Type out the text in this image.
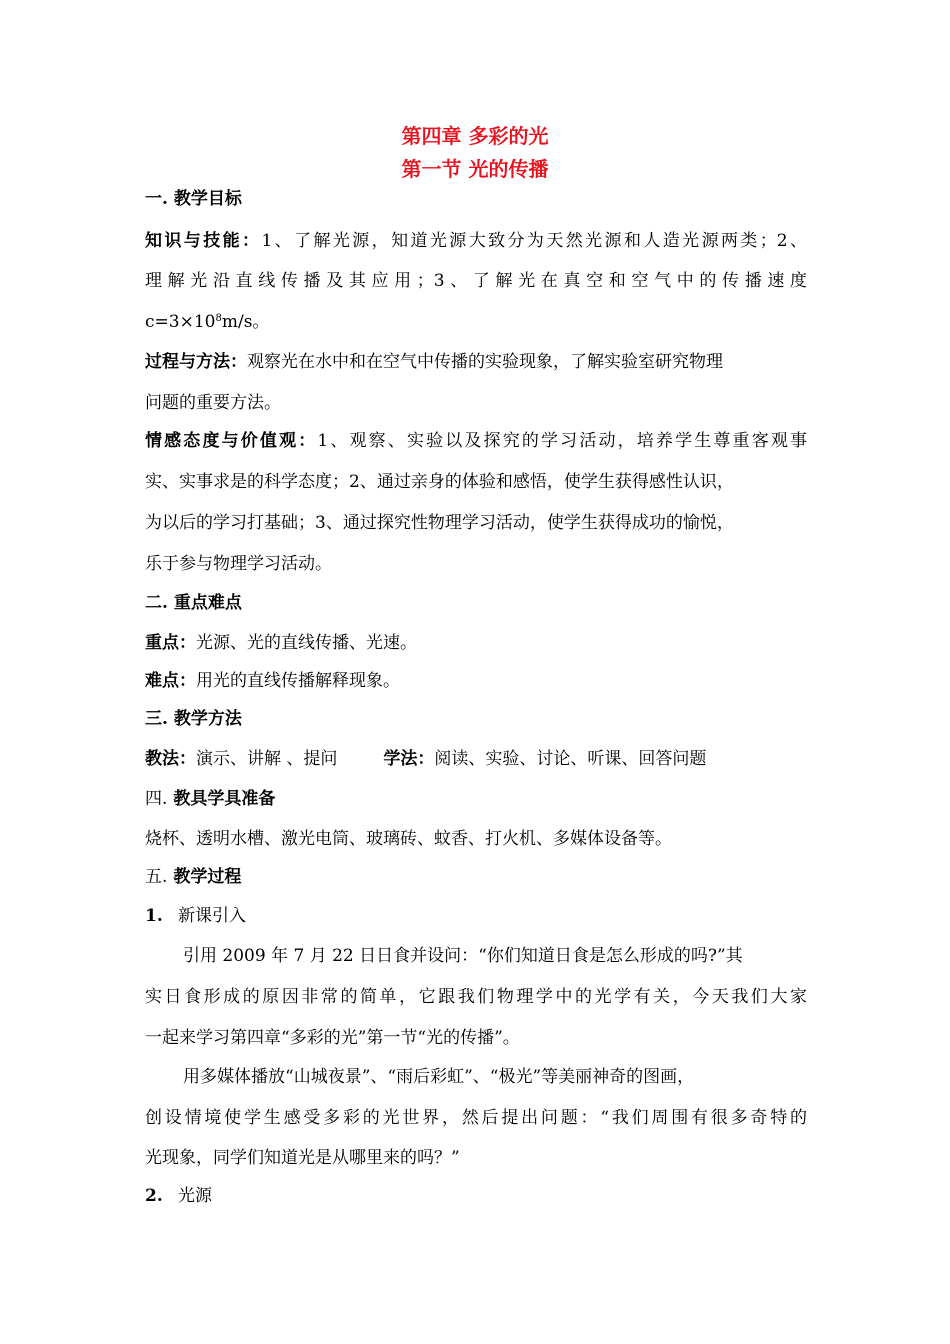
第四章 多彩的光
第一节 光的传播
一. 教学目标
知识与技能：1、了解光源，知道光源大致分为天然光源和人造光源两类；2、
理解光沿直线传播及其应用；3、了解光在真空和空气中的传播速度
$c=3\times 10^8m/s$。
过程与方法：观察光在水中和在空气中传播的实验现象，了解实验室研究物理
问题的重要方法。
情感态度与价值观：1、观察、实验以及探究的学习活动，培养学生尊重客观事
实、实事求是的科学态度；2、通过亲身的体验和感悟，使学生获得感性认识，
为以后的学习打基础；3、通过探究性物理学习活动，使学生获得成功的愉悦，
乐于参与物理学习活动。
二. 重点难点
重点：光源、光的直线传播、光速。
难点：用光的直线传播解释现象。
三. 教学方法
教法：演示、讲解 、提问	学法：阅读、实验、讨论、听课、回答问题
四. 教具学具准备
烧杯、透明水槽、激光电筒、玻璃砖、蚊香、打火机、多媒体设备等。
五. 教学过程
1. 新课引入
引用 2009 年 7 月 22 日日食并设问：“你们知道日食是怎么形成的吗?”其
实日食形成的原因非常的简单，它跟我们物理学中的光学有关，今天我们大家
一起来学习第四章“多彩的光”第一节“光的传播”。
用多媒体播放“山城夜景”、“雨后彩虹”、“极光”等美丽神奇的图画，
创设情境使学生感受多彩的光世界，然后提出问题：“我们周围有很多奇特的
光现象，同学们知道光是从哪里来的吗？”
2. 光源
